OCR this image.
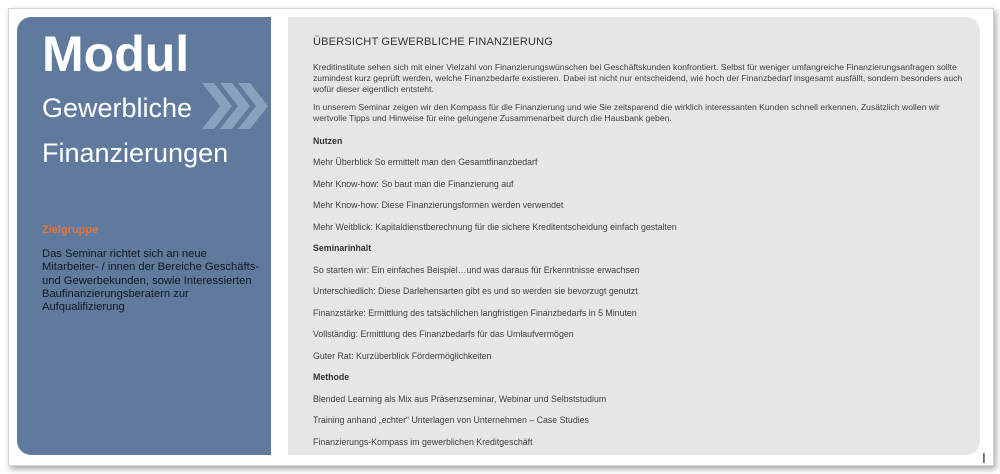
Modul
Gewerbliche
Finanzierungen
Zielgruppe
Das Seminar richtet sich an neue Mitarbeiter- / innen der Bereiche Geschäfts- und Gewerbekunden, sowie Interessierten Baufinanzierungsberatern zur Aufqualifizierung
ÜBERSICHT GEWERBLICHE FINANZIERUNG
Kreditinstitute sehen sich mit einer Vielzahl von Finanzierungswünschen bei Geschäftskunden konfrontiert. Selbst für weniger umfangreiche Finanzierungsanfragen sollte zumindest kurz geprüft werden, welche Finanzbedarfe existieren. Dabei ist nicht nur entscheidend, wie hoch der Finanzbedarf insgesamt ausfällt, sondern besonders auch wofür dieser eigentlich entsteht.
In unserem Seminar zeigen wir den Kompass für die Finanzierung und wie Sie zeitsparend die wirklich interessanten Kunden schnell erkennen. Zusätzlich wollen wir wertvolle Tipps und Hinweise für eine gelungene Zusammenarbeit durch die Hausbank geben.
Nutzen
Mehr Überblick So ermittelt man den Gesamtfinanzbedarf
Mehr Know-how: So baut man die Finanzierung auf
Mehr Know-how: Diese Finanzierungsformen werden verwendet
Mehr Weitblick: Kapitaldienstberechnung für die sichere Kreditentscheidung einfach gestalten
Seminarinhalt
So starten wir: Ein einfaches Beispiel…und was daraus für Erkenntnisse erwachsen
Unterschiedlich: Diese Darlehensarten gibt es und so werden sie bevorzugt genutzt
Finanzstärke: Ermittlung des tatsächlichen langfristigen Finanzbedarfs in 5 Minuten
Vollständig: Ermittlung des Finanzbedarfs für das Umlaufvermögen
Guter Rat: Kurzüberblick Fördermöglichkeiten
Methode
Blended Learning als Mix aus Präsenzseminar, Webinar und Selbststudium
Training anhand „echter“ Unterlagen von Unternehmen – Case Studies
Finanzierungs-Kompass im gewerblichen Kreditgeschäft
I
